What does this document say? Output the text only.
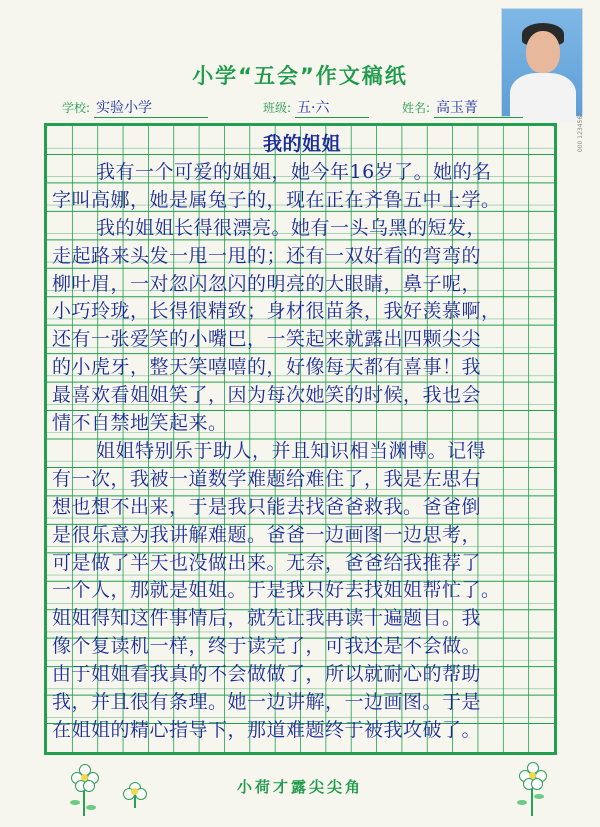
000 1234567
小学“五会”作文稿纸
学校: 实验小学	班级: 五·六	姓名: 高玉菁
我的姐姐
我有一个可爱的姐姐，她今年16岁了。她的名
字叫高娜，她是属兔子的，现在正在齐鲁五中上学。
我的姐姐长得很漂亮。她有一头乌黑的短发，
走起路来头发一甩一甩的；还有一双好看的弯弯的
柳叶眉，一对忽闪忽闪的明亮的大眼睛，鼻子呢，
小巧玲珑，长得很精致；身材很苗条，我好羡慕啊，
还有一张爱笑的小嘴巴，一笑起来就露出四颗尖尖
的小虎牙，整天笑嘻嘻的，好像每天都有喜事！我
最喜欢看姐姐笑了，因为每次她笑的时候，我也会
情不自禁地笑起来。
姐姐特别乐于助人，并且知识相当渊博。记得
有一次，我被一道数学难题给难住了，我是左思右
想也想不出来，于是我只能去找爸爸救我。爸爸倒
是很乐意为我讲解难题。爸爸一边画图一边思考，
可是做了半天也没做出来。无奈，爸爸给我推荐了
一个人，那就是姐姐。于是我只好去找姐姐帮忙了。
姐姐得知这件事情后，就先让我再读十遍题目。我
像个复读机一样，终于读完了，可我还是不会做。
由于姐姐看我真的不会做做了，所以就耐心的帮助
我，并且很有条理。她一边讲解，一边画图。于是
在姐姐的精心指导下，那道难题终于被我攻破了。
小荷才露尖尖角
